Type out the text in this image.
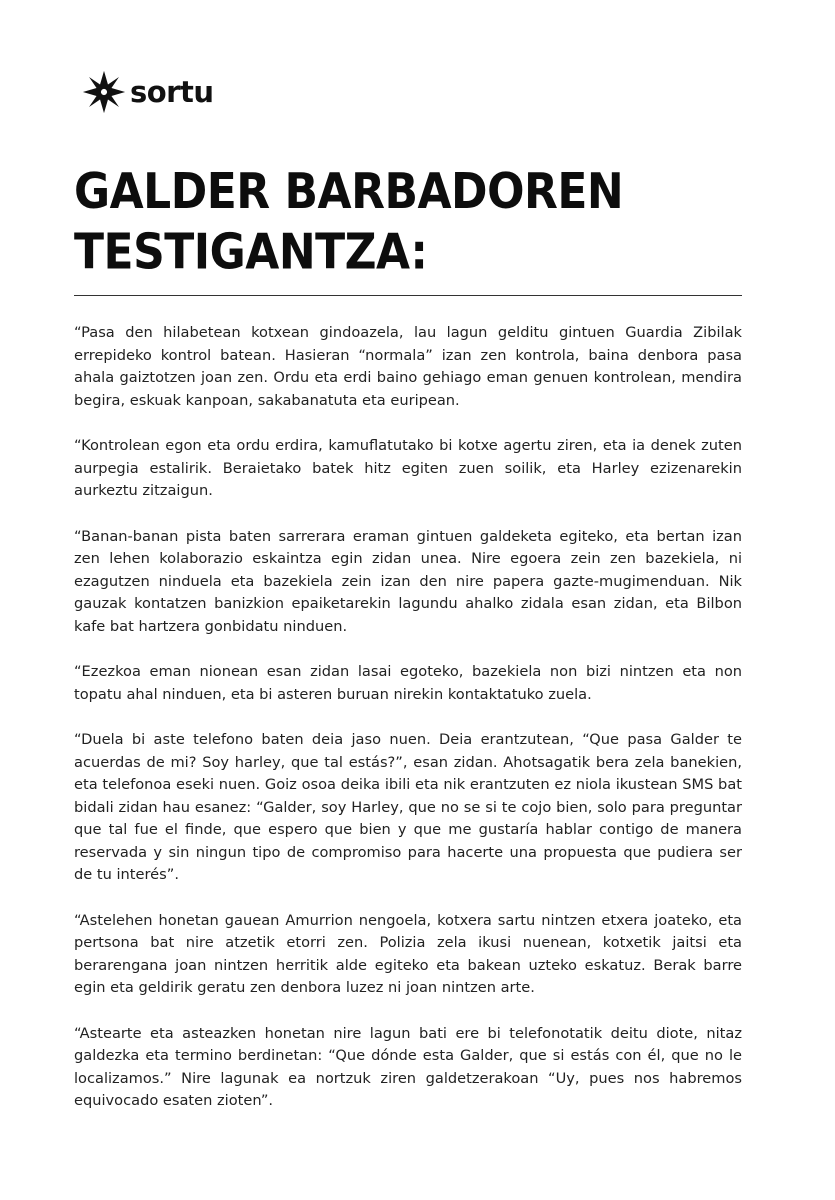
sortu
GALDER BARBADOREN
TESTIGANTZA:

“Pasa den hilabetean kotxean gindoazela, lau lagun gelditu gintuen Guardia Zibilak errepideko kontrol batean. Hasieran “normala” izan zen kontrola, baina denbora pasa ahala gaiztotzen joan zen. Ordu eta erdi baino gehiago eman genuen kontrolean, mendira begira, eskuak kanpoan, sakabanatuta eta euripean.

“Kontrolean egon eta ordu erdira, kamuflatutako bi kotxe agertu ziren, eta ia denek zuten aurpegia estalirik. Beraietako batek hitz egiten zuen soilik, eta Harley ezizenarekin aurkeztu zitzaigun.

“Banan-banan pista baten sarrerara eraman gintuen galdeketa egiteko, eta bertan izan zen lehen kolaborazio eskaintza egin zidan unea. Nire egoera zein zen bazekiela, ni ezagutzen ninduela eta bazekiela zein izan den nire papera gazte-mugimenduan. Nik gauzak kontatzen banizkion epaiketarekin lagundu ahalko zidala esan zidan, eta Bilbon kafe bat hartzera gonbidatu ninduen.

“Ezezkoa eman nionean esan zidan lasai egoteko, bazekiela non bizi nintzen eta non topatu ahal ninduen, eta bi asteren buruan nirekin kontaktatuko zuela.

“Duela bi aste telefono baten deia jaso nuen. Deia erantzutean, “Que pasa Galder te acuerdas de mi? Soy harley, que tal estás?”, esan zidan. Ahotsagatik bera zela banekien, eta telefonoa eseki nuen. Goiz osoa deika ibili eta nik erantzuten ez niola ikustean SMS bat bidali zidan hau esanez: “Galder, soy Harley, que no se si te cojo bien, solo para preguntar que tal fue el finde, que espero que bien y que me gustaría hablar contigo de manera reservada y sin ningun tipo de compromiso para hacerte una propuesta que pudiera ser de tu interés”.

“Astelehen honetan gauean Amurrion nengoela, kotxera sartu nintzen etxera joateko, eta pertsona bat nire atzetik etorri zen. Polizia zela ikusi nuenean, kotxetik jaitsi eta berarengana joan nintzen herritik alde egiteko eta bakean uzteko eskatuz. Berak barre egin eta geldirik geratu zen denbora luzez ni joan nintzen arte.

“Astearte eta asteazken honetan nire lagun bati ere bi telefonotatik deitu diote, nitaz galdezka eta termino berdinetan: “Que dónde esta Galder, que si estás con él, que no le localizamos.” Nire lagunak ea nortzuk ziren galdetzerakoan “Uy, pues nos habremos equivocado esaten zioten”.
